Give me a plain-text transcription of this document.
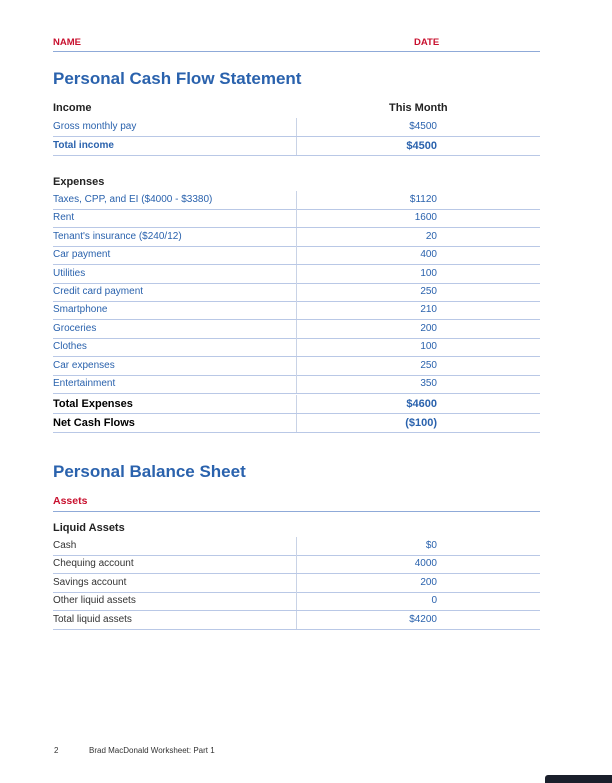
NAME	DATE
Personal Cash Flow Statement
Income	This Month
Gross monthly pay	$4500
Total income	$4500
Expenses
Taxes, CPP, and EI ($4000 - $3380)	$1120
Rent	1600
Tenant's insurance ($240/12)	20
Car payment	400
Utilities	100
Credit card payment	250
Smartphone	210
Groceries	200
Clothes	100
Car expenses	250
Entertainment	350
Total Expenses	$4600
Net Cash Flows	($100)
Personal Balance Sheet
Assets
Liquid Assets
Cash	$0
Chequing account	4000
Savings account	200
Other liquid assets	0
Total liquid assets	$4200
2	Brad MacDonald Worksheet: Part 1
